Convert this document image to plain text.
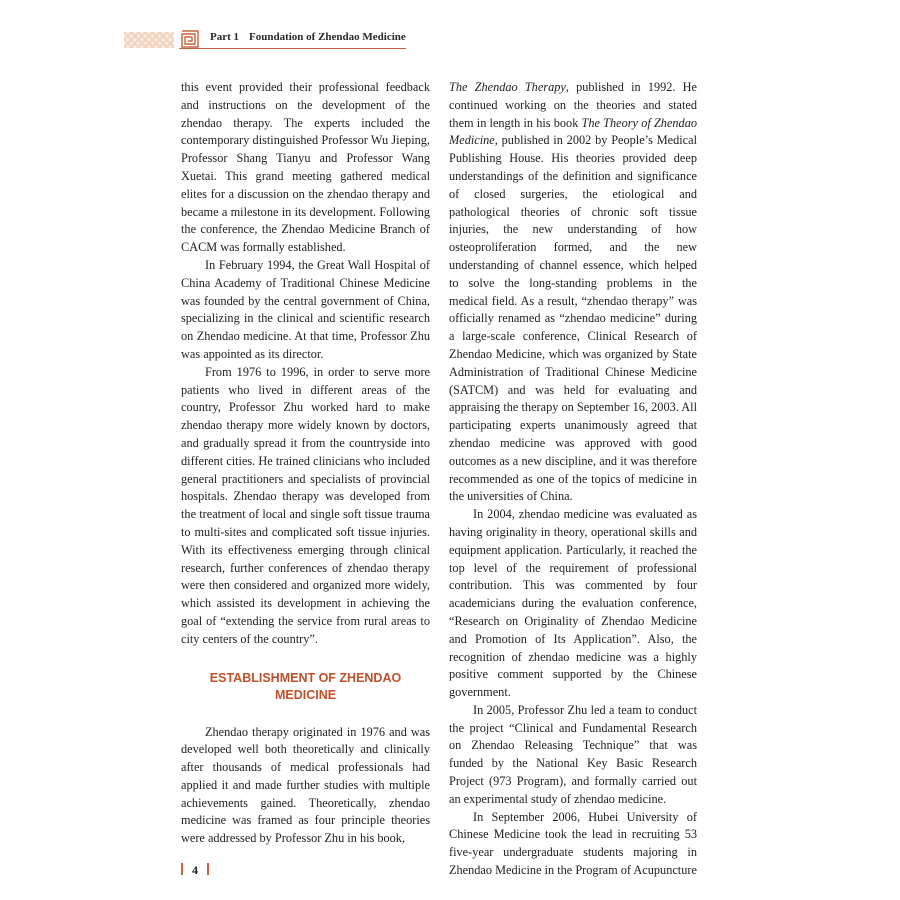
Part 1 Foundation of Zhendao Medicine

this event provided their professional feedback and instructions on the development of the zhendao therapy. The experts included the contemporary distinguished Professor Wu Jieping, Professor Shang Tianyu and Professor Wang Xuetai. This grand meeting gathered medical elites for a discussion on the zhendao therapy and became a milestone in its development. Following the conference, the Zhendao Medicine Branch of CACM was formally established.

In February 1994, the Great Wall Hospital of China Academy of Traditional Chinese Medicine was founded by the central government of China, specializing in the clinical and scientific research on Zhendao medicine. At that time, Professor Zhu was appointed as its director.

From 1976 to 1996, in order to serve more patients who lived in different areas of the country, Professor Zhu worked hard to make zhendao therapy more widely known by doctors, and gradually spread it from the countryside into different cities. He trained clinicians who included general practitioners and specialists of provincial hospitals. Zhendao therapy was developed from the treatment of local and single soft tissue trauma to multi-sites and complicated soft tissue injuries. With its effectiveness emerging through clinical research, further conferences of zhendao therapy were then considered and organized more widely, which assisted its development in achieving the goal of “extending the service from rural areas to city centers of the country”.

ESTABLISHMENT OF ZHENDAO
MEDICINE

Zhendao therapy originated in 1976 and was developed well both theoretically and clinically after thousands of medical professionals had applied it and made further studies with multiple achievements gained. Theoretically, zhendao medicine was framed as four principle theories were addressed by Professor Zhu in his book,

The Zhendao Therapy, published in 1992. He continued working on the theories and stated them in length in his book The Theory of Zhendao Medicine, published in 2002 by People’s Medical Publishing House. His theories provided deep understandings of the definition and significance of closed surgeries, the etiological and pathological theories of chronic soft tissue injuries, the new understanding of how osteoproliferation formed, and the new understanding of channel essence, which helped to solve the long-standing problems in the medical field. As a result, “zhendao therapy” was officially renamed as “zhendao medicine” during a large-scale conference, Clinical Research of Zhendao Medicine, which was organized by State Administration of Traditional Chinese Medicine (SATCM) and was held for evaluating and appraising the therapy on September 16, 2003. All participating experts unanimously agreed that zhendao medicine was approved with good outcomes as a new discipline, and it was therefore recommended as one of the topics of medicine in the universities of China.

In 2004, zhendao medicine was evaluated as having originality in theory, operational skills and equipment application. Particularly, it reached the top level of the requirement of professional contribution. This was commented by four academicians during the evaluation conference, “Research on Originality of Zhendao Medicine and Promotion of Its Application”. Also, the recognition of zhendao medicine was a highly positive comment supported by the Chinese government.

In 2005, Professor Zhu led a team to conduct the project “Clinical and Fundamental Research on Zhendao Releasing Technique” that was funded by the National Key Basic Research Project (973 Program), and formally carried out an experimental study of zhendao medicine.

In September 2006, Hubei University of Chinese Medicine took the lead in recruiting 53 five-year undergraduate students majoring in Zhendao Medicine in the Program of Acupuncture

4
